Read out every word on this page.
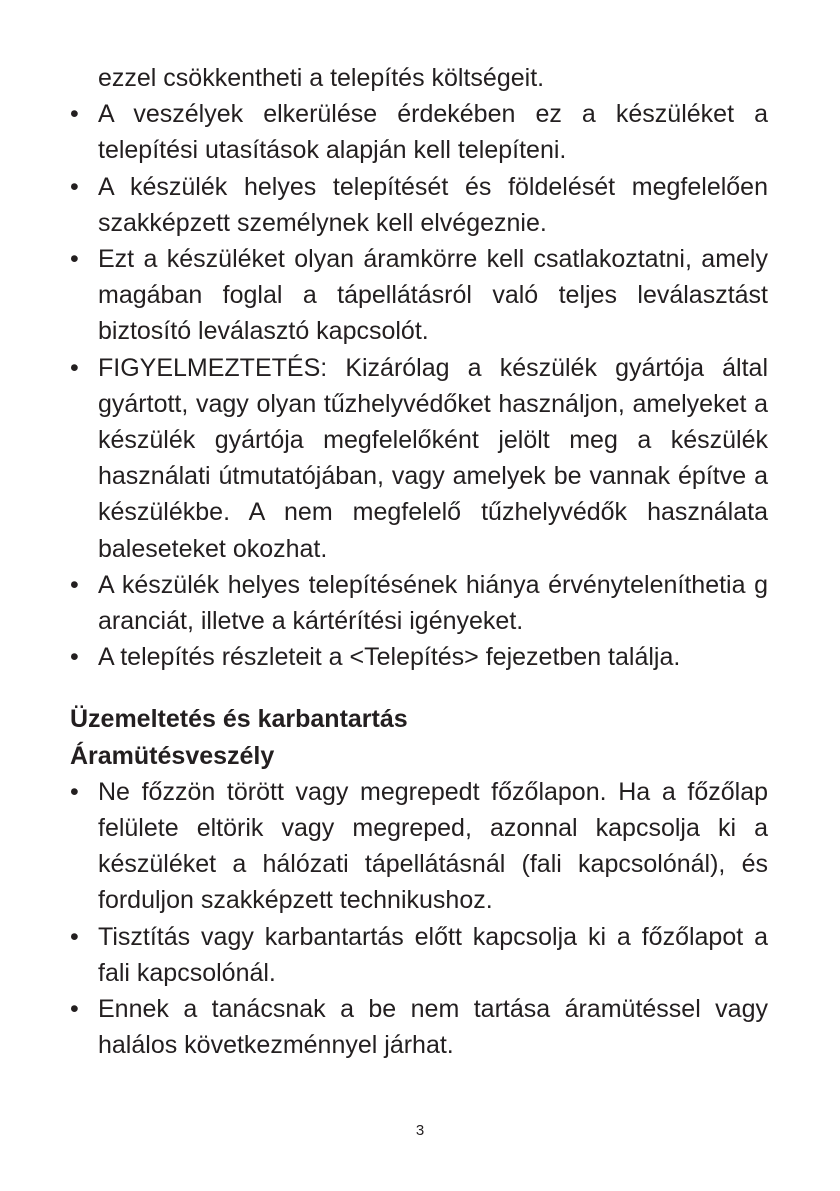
ezzel csökkentheti a telepítés költségeit.
• A veszélyek elkerülése érdekében ez a készüléket a telepítési utasítások alapján kell telepíteni.
• A készülék helyes telepítését és földelését megfelelően szakképzett személynek kell elvégeznie.
• Ezt a készüléket olyan áramkörre kell csatlakoztatni, amely magában foglal a tápellátásról való teljes leválasztást biztosító leválasztó kapcsolót.
• FIGYELMEZTETÉS: Kizárólag a készülék gyártója által gyártott, vagy olyan tűzhelyvédőket használjon, amelyeket a készülék gyártója megfelelőként jelölt meg a készülék használati útmutatójában, vagy amelyek be vannak építve a készülékbe. A nem megfelelő tűzhelyvédők használata baleseteket okozhat.
• A készülék helyes telepítésének hiánya érvényteleníthetia garanciát, illetve a kártérítési igényeket.
• A telepítés részleteit a <Telepítés> fejezetben találja.
Üzemeltetés és karbantartás
Áramütésveszély
• Ne főzzön törött vagy megrepedt főzőlapon. Ha a főzőlap felülete eltörik vagy megreped, azonnal kapcsolja ki a készüléket a hálózati tápellátásnál (fali kapcsolónál), és forduljon szakképzett technikushoz.
• Tisztítás vagy karbantartás előtt kapcsolja ki a főzőlapot a fali kapcsolónál.
• Ennek a tanácsnak a be nem tartása áramütéssel vagy halálos következménnyel járhat.
3
